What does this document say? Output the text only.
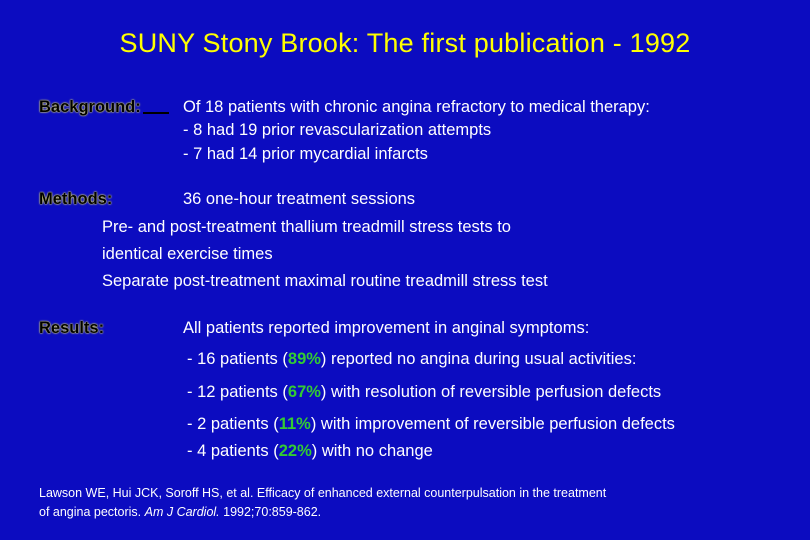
SUNY Stony Brook: The first publication - 1992
Background:	Of 18 patients with chronic angina refractory to medical therapy:
- 8 had 19 prior revascularization attempts
- 7 had 14 prior mycardial infarcts
Methods:	36 one-hour treatment sessions
Pre- and post-treatment thallium treadmill stress tests to
identical exercise times
Separate post-treatment maximal routine treadmill stress test
Results:	All patients reported improvement in anginal symptoms:
- 16 patients (89%) reported no angina during usual activities:
- 12 patients (67%) with resolution of reversible perfusion defects
- 2 patients (11%) with improvement of reversible perfusion defects
- 4 patients (22%) with no change
Lawson WE, Hui JCK, Soroff HS, et al. Efficacy of enhanced external counterpulsation in the treatment
of angina pectoris. Am J Cardiol. 1992;70:859-862.
